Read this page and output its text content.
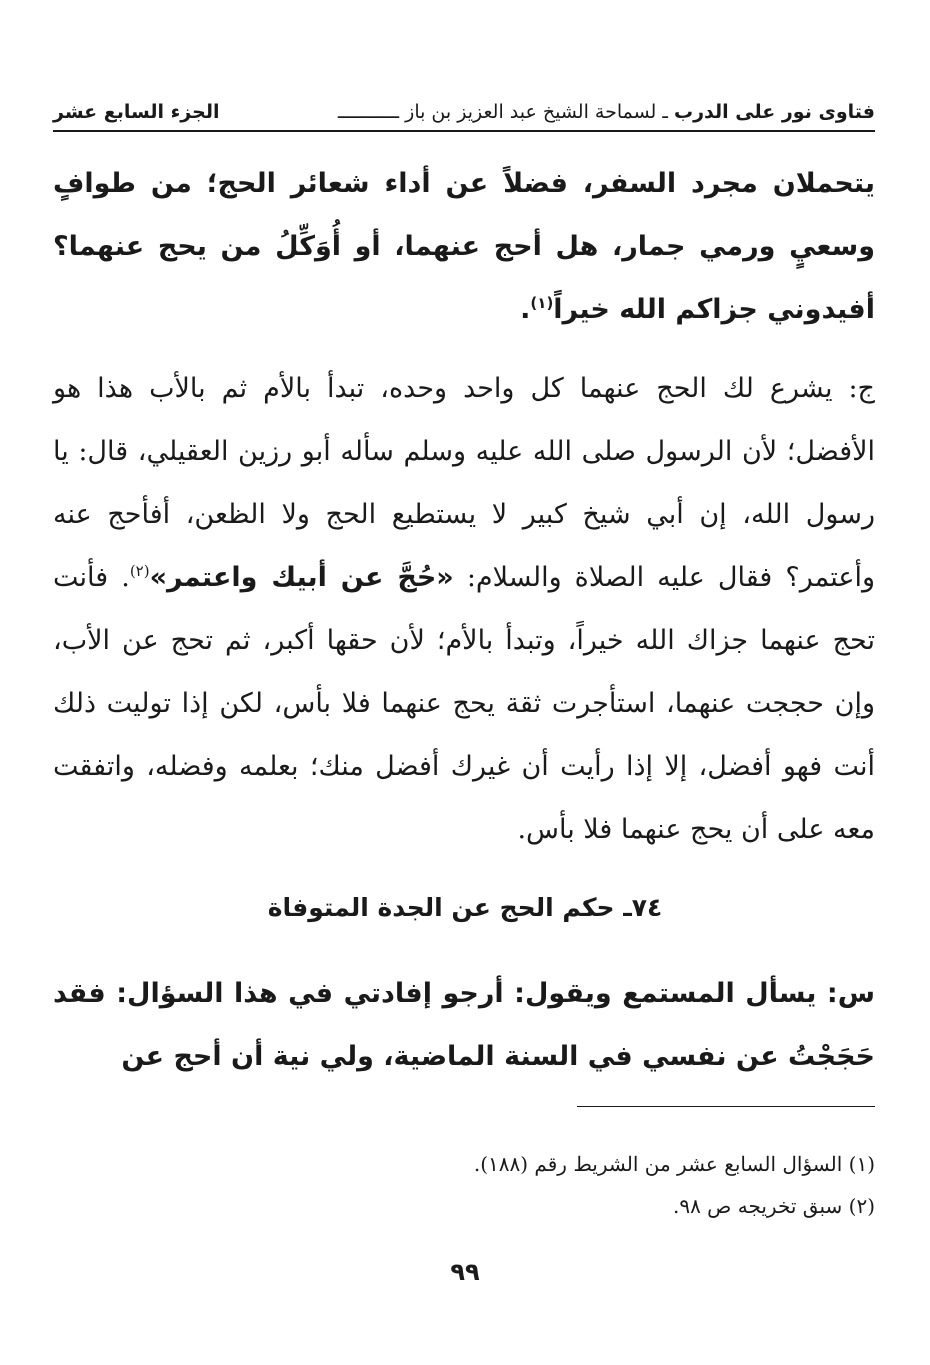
فتاوى نور على الدرب ـ لسماحة الشيخ عبد العزيز بن باز ـــــــــــ
الجزء السابع عشر

يتحملان مجرد السفر، فضلاً عن أداء شعائر الحج؛ من طوافٍ وسعيٍ ورمي جمار، هل أحج عنهما، أو أُوَكِّلُ من يحج عنهما؟ أفيدوني جزاكم الله خيراً$^{(١)}$.

ج: يشرع لك الحج عنهما كل واحد وحده، تبدأ بالأم ثم بالأب هذا هو الأفضل؛ لأن الرسول صلى الله عليه وسلم سأله أبو رزين العقيلي، قال: يا رسول الله، إن أبي شيخ كبير لا يستطيع الحج ولا الظعن، أفأحج عنه وأعتمر؟ فقال عليه الصلاة والسلام: «حُجَّ عن أبيك واعتمر»$^{(٢)}$. فأنت تحج عنهما جزاك الله خيراً، وتبدأ بالأم؛ لأن حقها أكبر، ثم تحج عن الأب، وإن حججت عنهما، استأجرت ثقة يحج عنهما فلا بأس، لكن إذا توليت ذلك أنت فهو أفضل، إلا إذا رأيت أن غيرك أفضل منك؛ بعلمه وفضله، واتفقت معه على أن يحج عنهما فلا بأس.

٧٤ـ حكم الحج عن الجدة المتوفاة

س: يسأل المستمع ويقول: أرجو إفادتي في هذا السؤال: فقد حَجَجْتُ عن نفسي في السنة الماضية، ولي نية أن أحج عن

(١) السؤال السابع عشر من الشريط رقم (١٨٨).
(٢) سبق تخريجه ص ٩٨.
٩٩
